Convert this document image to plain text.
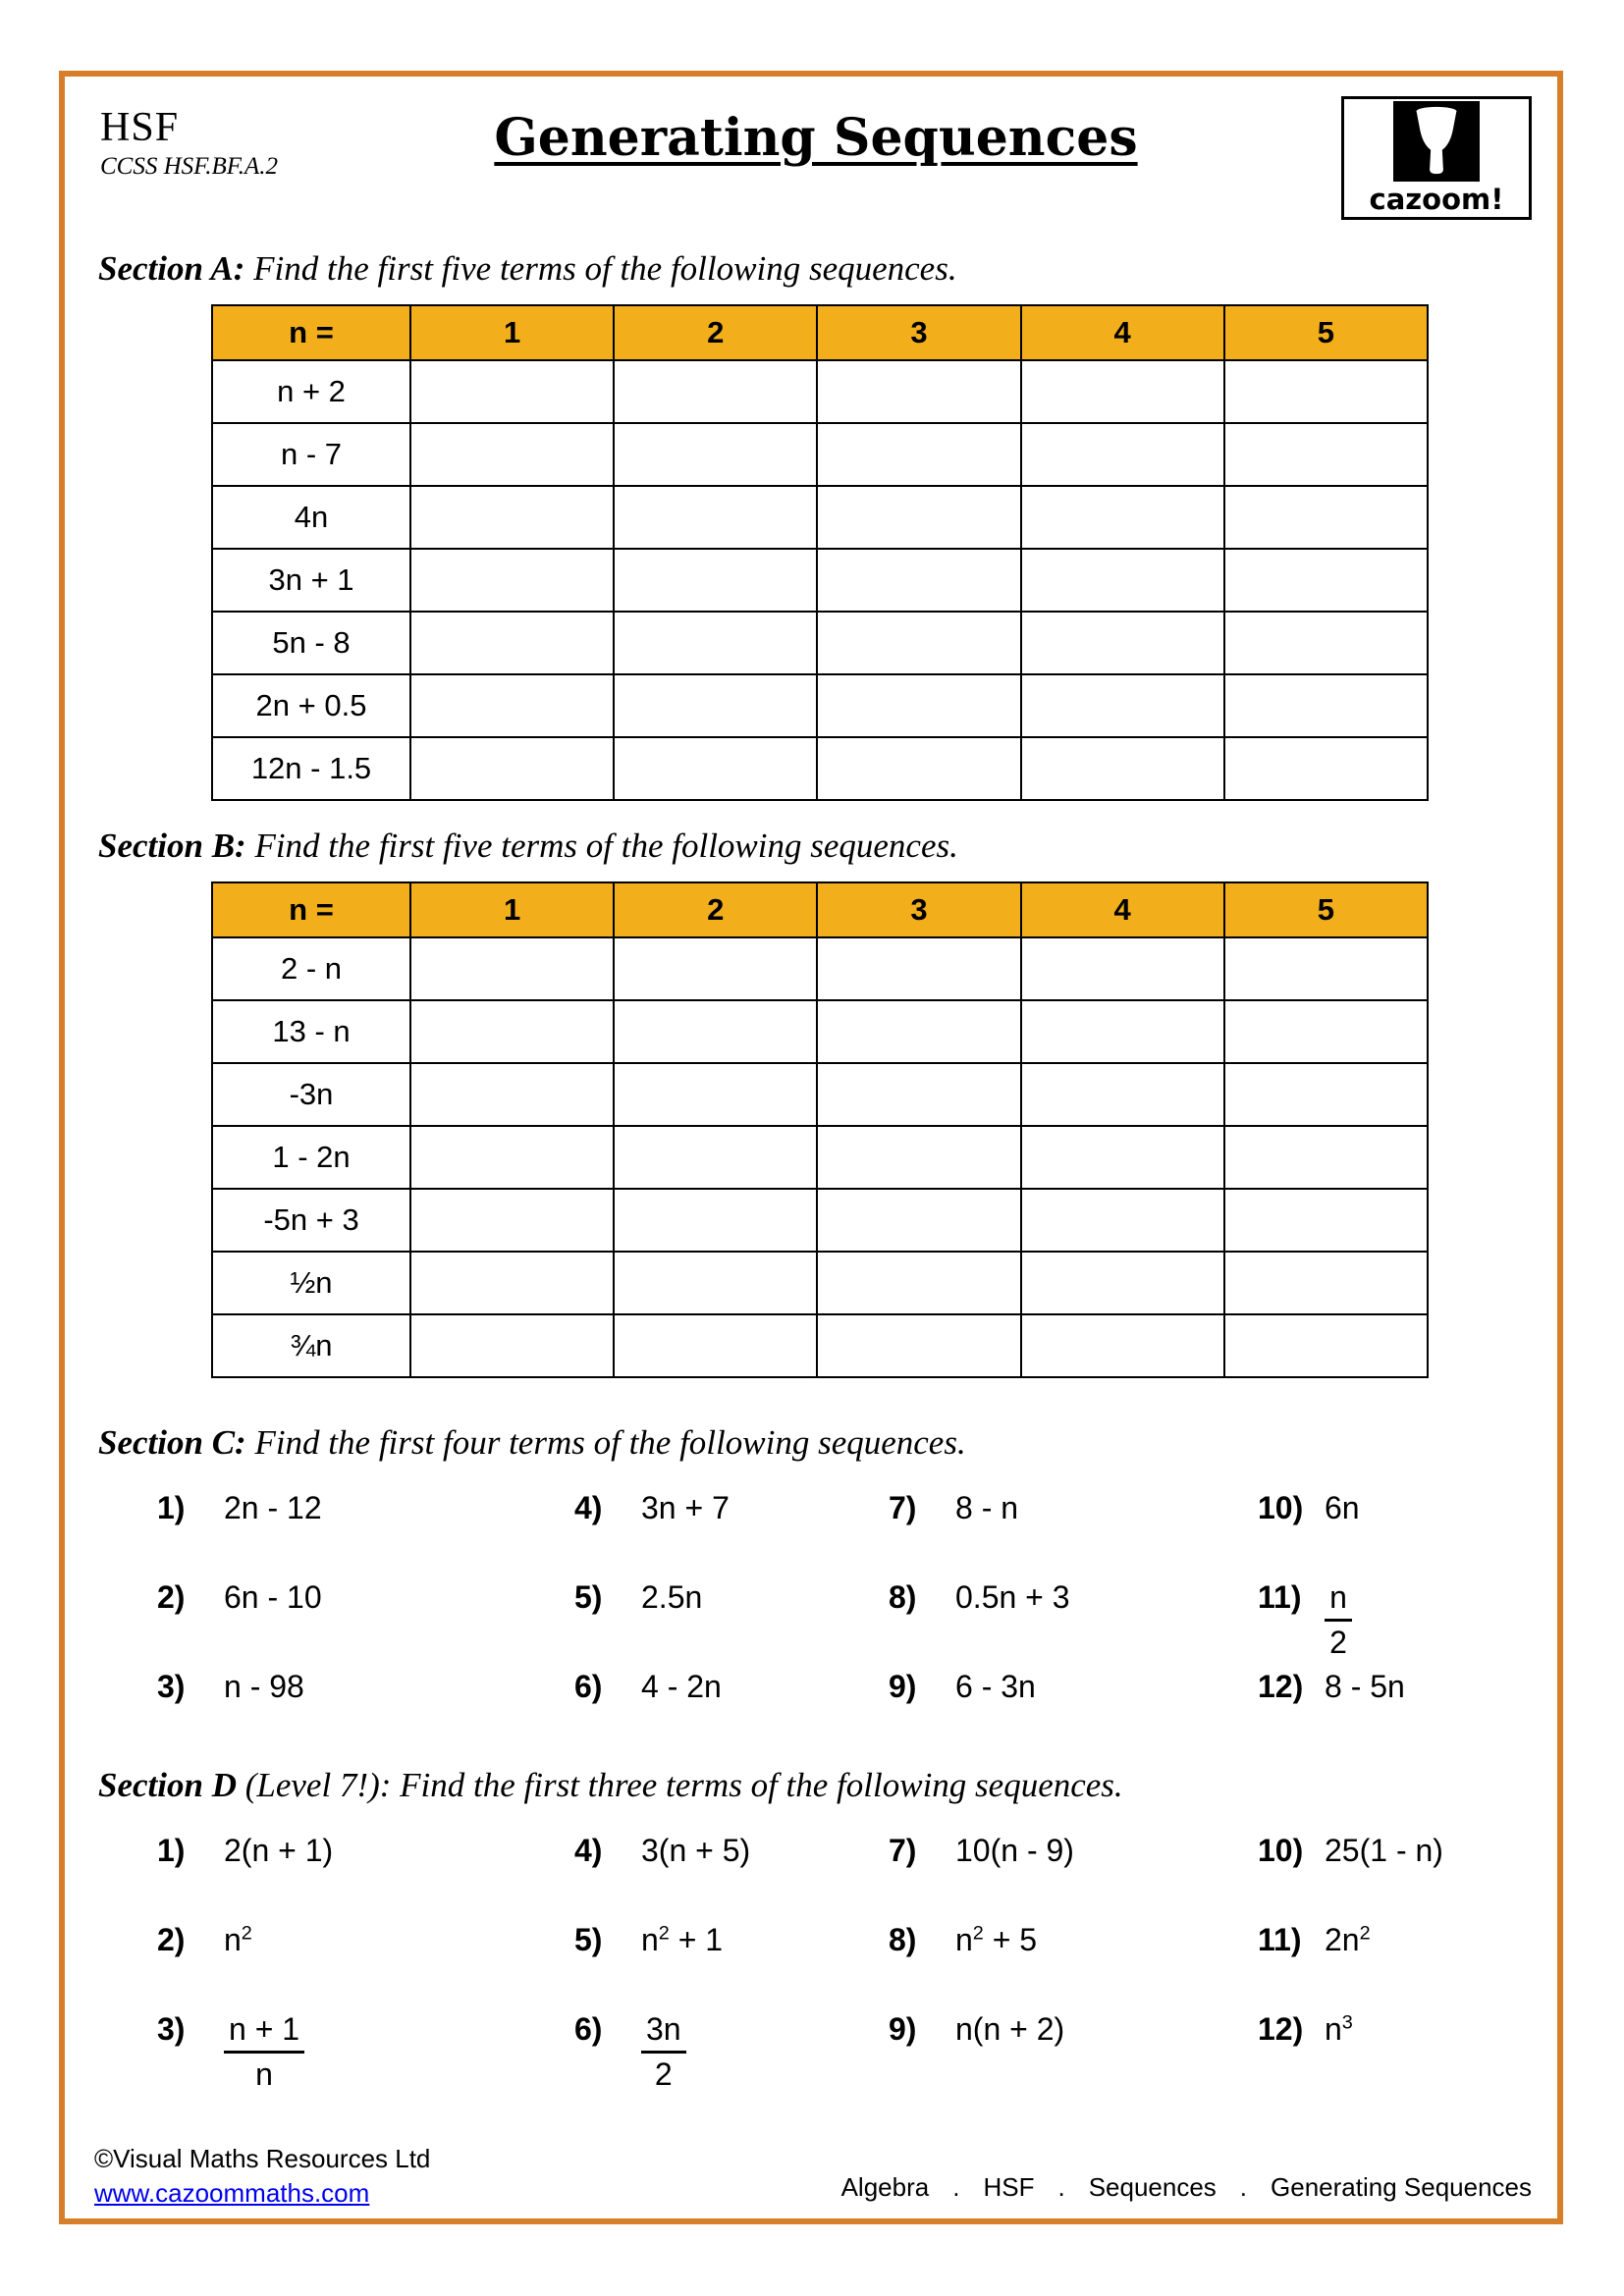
HSF
CCSS HSF.BF.A.2	Generating Sequences
cazoom!
Section A: Find the first five terms of the following sequences.
n =	1	2	3	4	5
n + 2					
n - 7					
4n					
3n + 1					
5n - 8					
2n + 0.5					
12n - 1.5					
Section B: Find the first five terms of the following sequences.
n =	1	2	3	4	5
2 - n					
13 - n					
-3n					
1 - 2n					
-5n + 3					
½n					
¾n					
Section C: Find the first four terms of the following sequences.
1) 2n - 12	4) 3n + 7	7) 8 - n	10) 6n
2) 6n - 10	5) 2.5n	8) 0.5n + 3	$11) \frac{n}{2}$
3) n - 98	6) 4 - 2n	9) 6 - 3n	12) 8 - 5n
Section D (Level 7!): Find the first three terms of the following sequences.
1) 2(n + 1)	4) 3(n + 5)	7) 10(n - 9)	10) 25(1 - n)
2) $n^2$	5) $n^2 + 1$	8) $n^2 + 5$	11) $2n^2$
$3) \frac{n + 1}{n}$	$6) \frac{3n}{2}$	9) n(n + 2)	12) $n^3$
©Visual Maths Resources Ltd
www.cazoommaths.com	Algebra . HSF . Sequences . Generating Sequences
